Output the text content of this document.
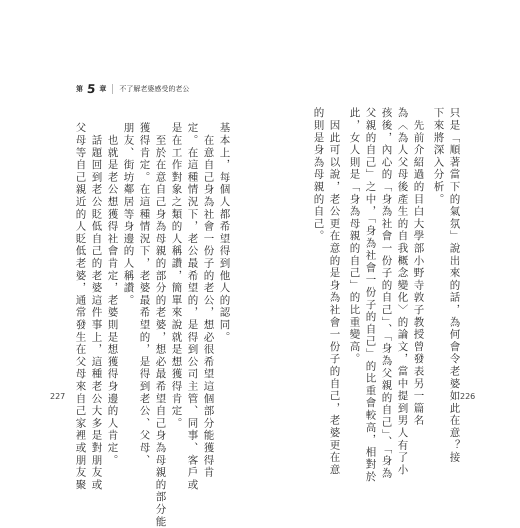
第 5 章 不了解老婆感受的老公
基本上，每個人都希望得到他人的認同。
　在意自己身為社會一份子的老公，想必很希望這個部分能獲得肯
定。在這種情況下，老公最希望的，是得到公司主管、同事、客戶或
是在工作對象之類的人稱讚，簡單來說就是想獲得肯定。
　至於在意自己身為母親的部分的老婆，想必最希望自己身為母親的部分能
獲得肯定。在這種情況下，老婆最希望的，是得到老公、父母、
朋友、街坊鄰居等身邊的人稱讚。
　也就是老公想獲得社會肯定，老婆則是想獲得身邊的人肯定。
　話題回到老公貶低自己的老婆這件事上，這種老公大多是對朋友或
父母等自己親近的人貶低老婆，通常發生在父母來自己家裡或朋友聚
227	只是「順著當下的氣氛」說出來的話，為何會令老婆如此在意？接
下來將深入分析。
　先前介紹過的目白大學部小野寺敦子教授曾發表另一篇名
為〈為人父母後產生的自我概念變化〉的論文，當中提到男人有了小
孩後，內心的「身為社會一份子的自己」、「身為父親的自己」、「身為
父親的自己」之中，「身為社會一份子的自己」的比重會較高，相對於
此，女人則是「身為母親的自己」的比重變高。
　因此可以說，老公更在意的是身為社會一份子的自己，老婆更在意
的則是身為母親的自己。
226
